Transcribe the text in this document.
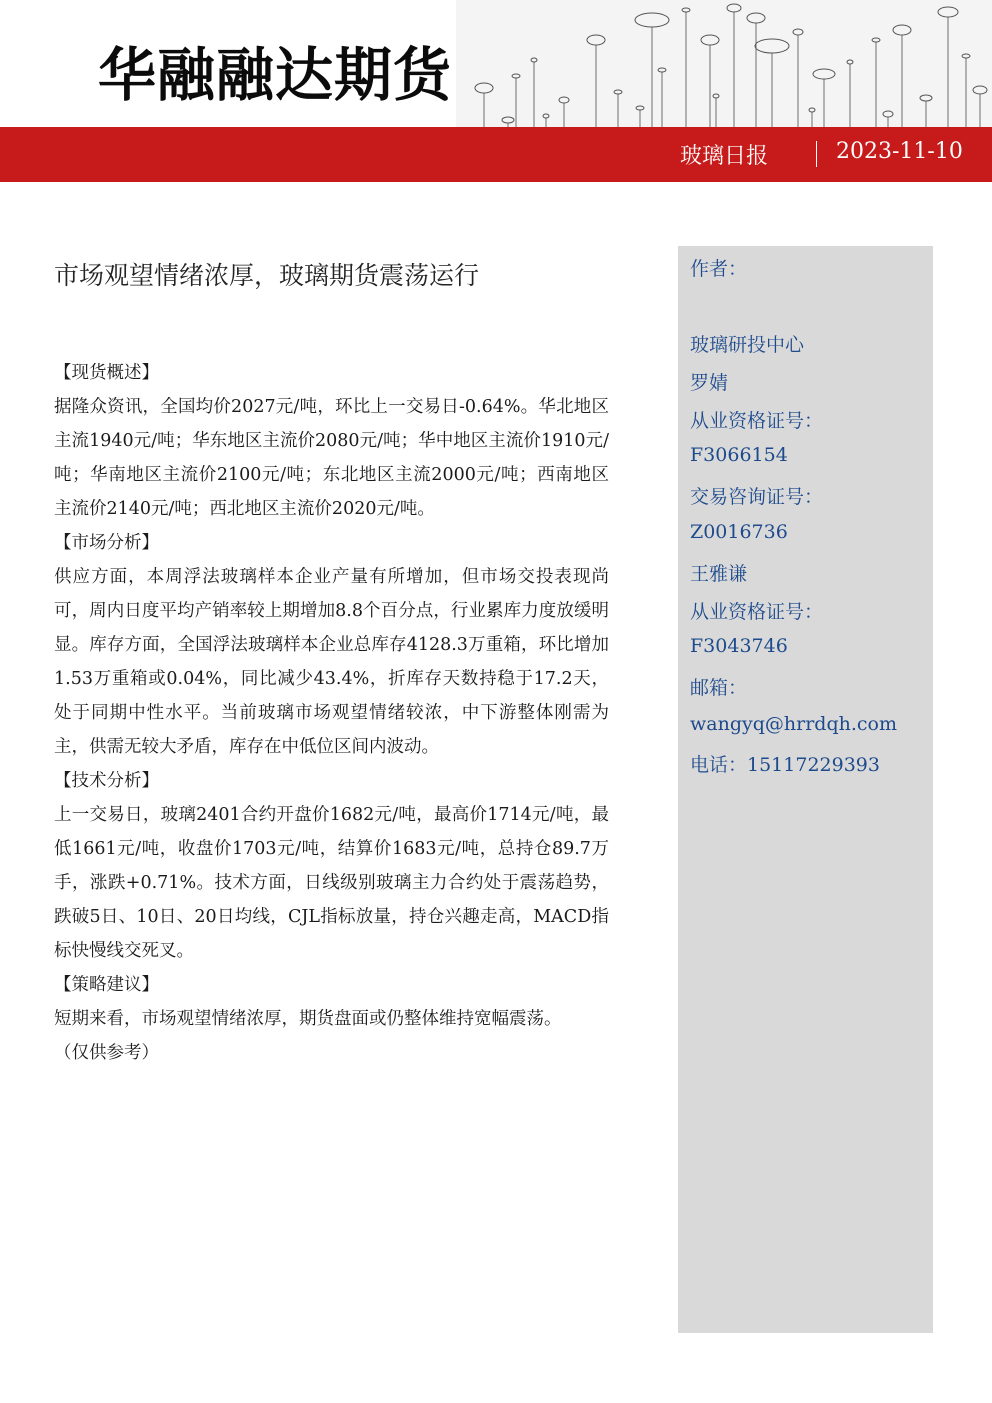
华融融达期货
玻璃日报	2023-11-10
市场观望情绪浓厚，玻璃期货震荡运行

【现货概述】

据隆众资讯，全国均价2027元/吨，环比上一交易日-0.64%。华北地区主流1940元/吨；华东地区主流价2080元/吨；华中地区主流价1910元/吨；华南地区主流价2100元/吨；东北地区主流2000元/吨；西南地区主流价2140元/吨；西北地区主流价2020元/吨。

【市场分析】

供应方面，本周浮法玻璃样本企业产量有所增加，但市场交投表现尚可，周内日度平均产销率较上期增加8.8个百分点，行业累库力度放缓明显。库存方面，全国浮法玻璃样本企业总库存4128.3万重箱，环比增加1.53万重箱或0.04%，同比减少43.4%，折库存天数持稳于17.2天，处于同期中性水平。当前玻璃市场观望情绪较浓，中下游整体刚需为主，供需无较大矛盾，库存在中低位区间内波动。

【技术分析】

上一交易日，玻璃2401合约开盘价1682元/吨，最高价1714元/吨，最低1661元/吨，收盘价1703元/吨，结算价1683元/吨，总持仓89.7万手，涨跌+0.71%。技术方面，日线级别玻璃主力合约处于震荡趋势，跌破5日、10日、20日均线，CJL指标放量，持仓兴趣走高，MACD指标快慢线交死叉。

【策略建议】

短期来看，市场观望情绪浓厚，期货盘面或仍整体维持宽幅震荡。

（仅供参考）

作者：
玻璃研投中心
罗婧
从业资格证号：
F3066154
交易咨询证号：
Z0016736
王雅谦
从业资格证号：
F3043746
邮箱：
wangyq@hrrdqh.com
电话：15117229393
